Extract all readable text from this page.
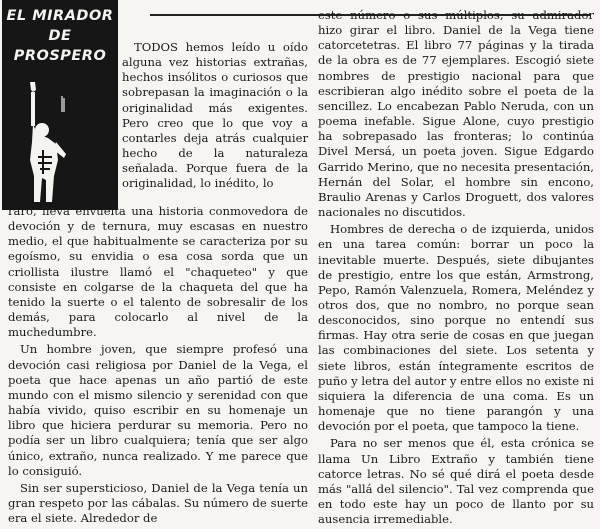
EL MIRADOR
DE
PROSPERO

TODOS hemos leído u oído alguna vez historias extrañas, hechos insólitos o curiosos que sobrepasan la imaginación o la originalidad más exigentes. Pero creo que lo que voy a contarles deja atrás cualquier hecho de la naturaleza señalada. Porque fuera de la originalidad, lo inédito, lo

raro, lleva envuelta una historia conmovedora de devoción y de ternura, muy escasas en nuestro medio, el que habitualmente se caracteriza por su egoísmo, su envidia o esa cosa sorda que un criollista ilustre llamó el "chaqueteo" y que consiste en colgarse de la chaqueta del que ha tenido la suerte o el talento de sobresalir de los demás, para colocarlo al nivel de la muchedumbre.

Un hombre joven, que siempre profesó una devoción casi religiosa por Daniel de la Vega, el poeta que hace apenas un año partió de este mundo con el mismo silencio y serenidad con que había vivido, quiso escribir en su homenaje un libro que hiciera perdurar su memoria. Pero no podía ser un libro cualquiera; tenía que ser algo único, extraño, nunca realizado. Y me parece que lo consiguió.

Sin ser supersticioso, Daniel de la Vega tenía un gran respeto por las cábalas. Su número de suerte era el siete. Alrededor de

este número o sus múltiplos, su admirador hizo girar el libro. Daniel de la Vega tiene catorcetetras. El libro 77 páginas y la tirada de la obra es de 77 ejemplares. Escogió siete nombres de prestigio nacional para que escribieran algo inédito sobre el poeta de la sencillez. Lo encabezan Pablo Neruda, con un poema inefable. Sigue Alone, cuyo prestigio ha sobrepasado las fronteras; lo continúa Divel Mersá, un poeta joven. Sigue Edgardo Garrido Merino, que no necesita presentación, Hernán del Solar, el hombre sin encono, Braulio Arenas y Carlos Droguett, dos valores nacionales no discutidos.

Hombres de derecha o de izquierda, unidos en una tarea común: borrar un poco la inevitable muerte. Después, siete dibujantes de prestigio, entre los que están, Armstrong, Pepo, Ramón Valenzuela, Romera, Meléndez y otros dos, que no nombro, no porque sean desconocidos, sino porque no entendí sus firmas. Hay otra serie de cosas en que juegan las combinaciones del siete. Los setenta y siete libros, están íntegramente escritos de puño y letra del autor y entre ellos no existe ni siquiera la diferencia de una coma. Es un homenaje que no tiene parangón y una devoción por el poeta, que tampoco la tiene.

Para no ser menos que él, esta crónica se llama Un Libro Extraño y también tiene catorce letras. No sé qué dirá el poeta desde más "allá del silencio". Tal vez comprenda que en todo este hay un poco de llanto por su ausencia irremediable.
